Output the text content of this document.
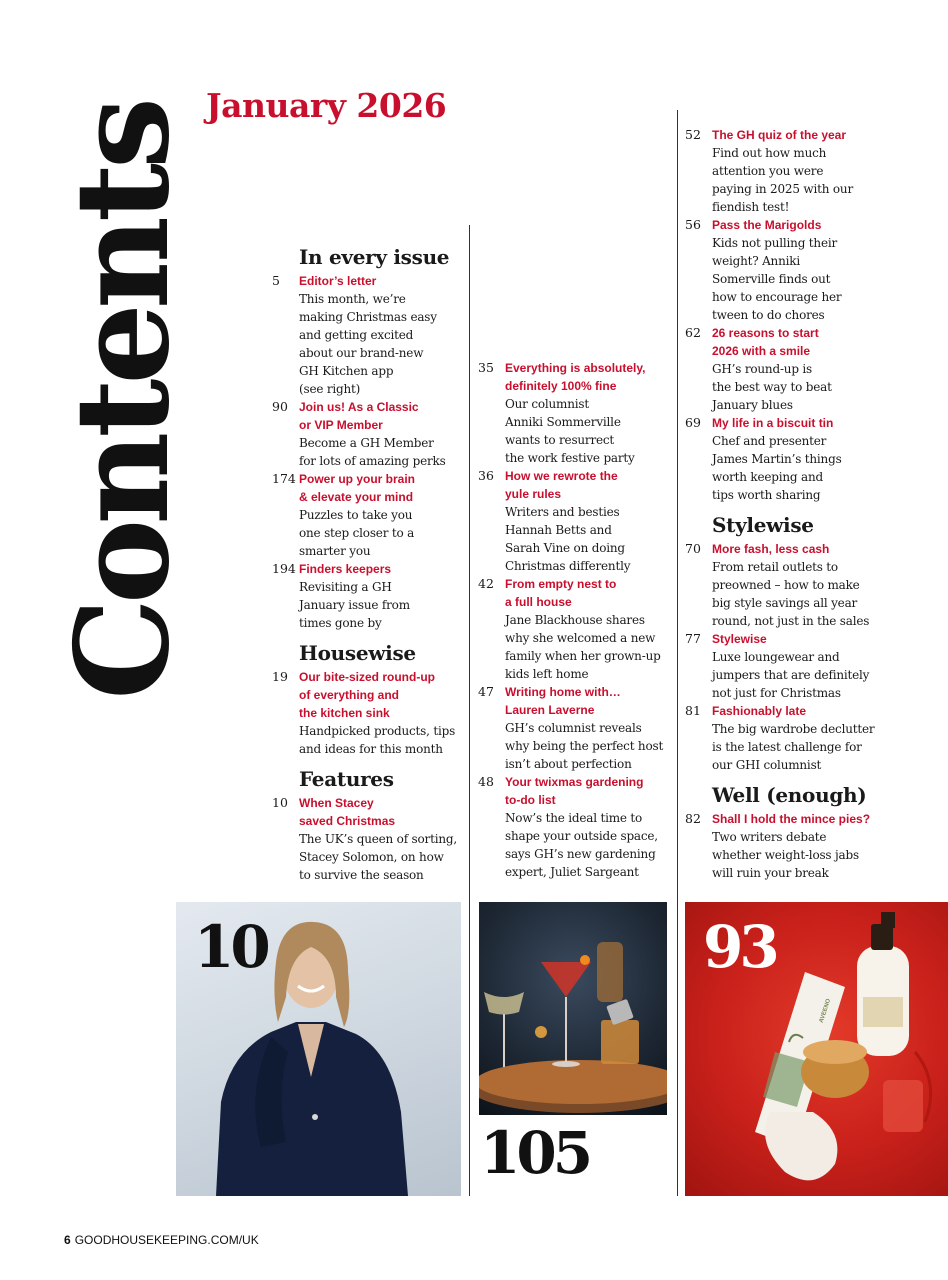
Contents January 2026
In every issue
5	Editor’s letter
This month, we’re
making Christmas easy
and getting excited
about our brand-new
GH Kitchen app
(see right)
90 Join us! As a Classic
or VIP Member
Become a GH Member
for lots of amazing perks
174 Power up your brain
& elevate your mind
Puzzles to take you
one step closer to a
smarter you
194 Finders keepers
Revisiting a GH
January issue from
times gone by
Housewise
19 Our bite-sized round-up
of everything and
the kitchen sink
Handpicked products, tips
and ideas for this month
Features
10 When Stacey
saved Christmas
The UK’s queen of sorting,
Stacey Solomon, on how
to survive the season
35 Everything is absolutely,
definitely 100% fine
Our columnist
Anniki Sommerville
wants to resurrect
the work festive party
36 How we rewrote the
yule rules
Writers and besties
Hannah Betts and
Sarah Vine on doing
Christmas differently
42 From empty nest to
a full house
Jane Blackhouse shares
why she welcomed a new
family when her grown-up
kids left home
47 Writing home with…
Lauren Laverne
GH’s columnist reveals
why being the perfect host
isn’t about perfection
48 Your twixmas gardening
to-do list
Now’s the ideal time to
shape your outside space,
says GH’s new gardening
expert, Juliet Sargeant
52 The GH quiz of the year
Find out how much
attention you were
paying in 2025 with our
fiendish test!
56 Pass the Marigolds
Kids not pulling their
weight? Anniki
Somerville finds out
how to encourage her
tween to do chores
62 26 reasons to start
2026 with a smile
GH’s round-up is
the best way to beat
January blues
69 My life in a biscuit tin
Chef and presenter
James Martin’s things
worth keeping and
tips worth sharing
Stylewise
70 More fash, less cash
From retail outlets to
preowned – how to make
big style savings all year
round, not just in the sales
77 Stylewise
Luxe loungewear and
jumpers that are definitely
not just for Christmas
81 Fashionably late
The big wardrobe declutter
is the latest challenge for
our GHI columnist
Well (enough)
82 Shall I hold the mince pies?
Two writers debate
whether weight-loss jabs
will ruin your break
10
105
93
AVEENO
6 GOODHOUSEKEEPING.COM/UK
